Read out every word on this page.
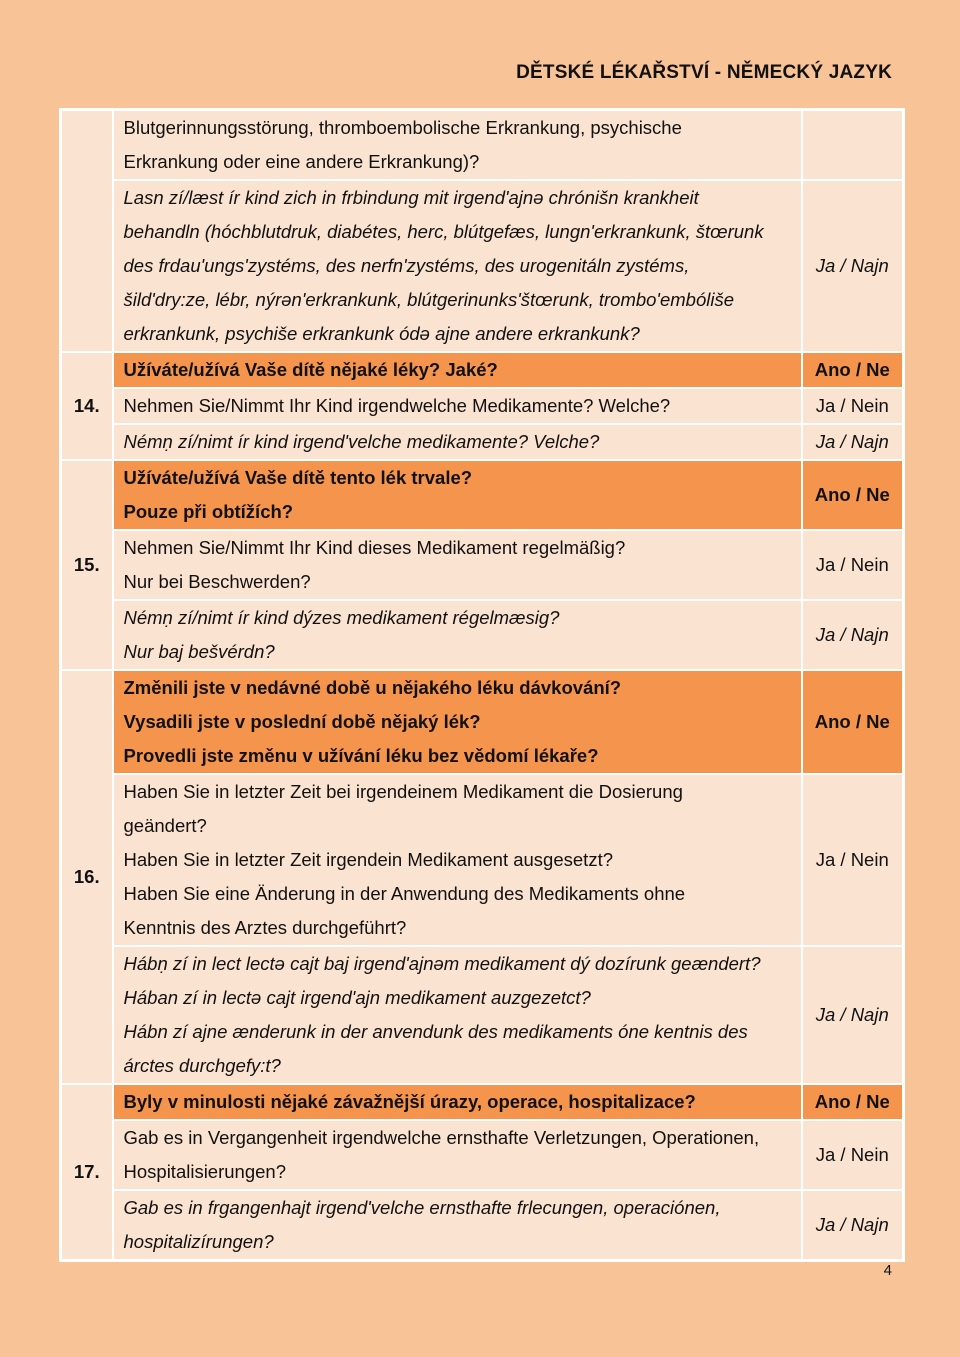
DĚTSKÉ LÉKAŘSTVÍ - NĚMECKÝ JAZYK

	Blutgerinnungsstörung, thromboembolische Erkrankung, psychische
Erkrankung oder eine andere Erkrankung)?	

	Lasn zí/læst ír kind zich in frbindung mit irgend'ajnə chrónišn krankheit
behandln (hóchblutdruk, diabétes, herc, blútgefæs, lungn'erkrankunk, štœrunk
des frdau'ungs'zystéms, des nerfn'zystéms, des urogenitáln zystéms,
šild'dry:ze, lébr, nýrən'erkrankunk, blútgerinunks'štœrunk, trombo'embóliše
erkrankunk, psychiše erkrankunk ódə ajne andere erkrankunk?	Ja / Najn
14.	Užíváte/užívá Vaše dítě nějaké léky? Jaké?	Ano / Ne

	Nehmen Sie/Nimmt Ihr Kind irgendwelche Medikamente? Welche?	Ja / Nein

	Némṇ zí/nimt ír kind irgend'velche medikamente? Velche?	Ja / Najn
15.	Užíváte/užívá Vaše dítě tento lék trvale?
Pouze při obtížích?	Ano / Ne

	Nehmen Sie/Nimmt Ihr Kind dieses Medikament regelmäßig?
Nur bei Beschwerden?	Ja / Nein

	Némṇ zí/nimt ír kind dýzes medikament régelmæsig?
Nur baj bešvérdn?	Ja / Najn
16.	Změnili jste v nedávné době u nějakého léku dávkování?
Vysadili jste v poslední době nějaký lék?
Provedli jste změnu v užívání léku bez vědomí lékaře?	Ano / Ne

	Haben Sie in letzter Zeit bei irgendeinem Medikament die Dosierung
geändert?
Haben Sie in letzter Zeit irgendein Medikament ausgesetzt?
Haben Sie eine Änderung in der Anwendung des Medikaments ohne
Kenntnis des Arztes durchgeführt?	Ja / Nein

	Hábṇ zí in lect lectə cajt baj irgend'ajnəm medikament dý dozírunk geændert?
Hában zí in lectə cajt irgend'ajn medikament auzgezetct?
Hábn zí ajne ænderunk in der anvendunk des medikaments óne kentnis des
árctes durchgefy:t?	Ja / Najn
17.	Byly v minulosti nějaké závažnější úrazy, operace, hospitalizace?	Ano / Ne

	Gab es in Vergangenheit irgendwelche ernsthafte Verletzungen, Operationen,
Hospitalisierungen?	Ja / Nein

	Gab es in frgangenhajt irgend'velche ernsthafte frlecungen, operaciónen,
hospitalizírungen?	Ja / Najn
4
